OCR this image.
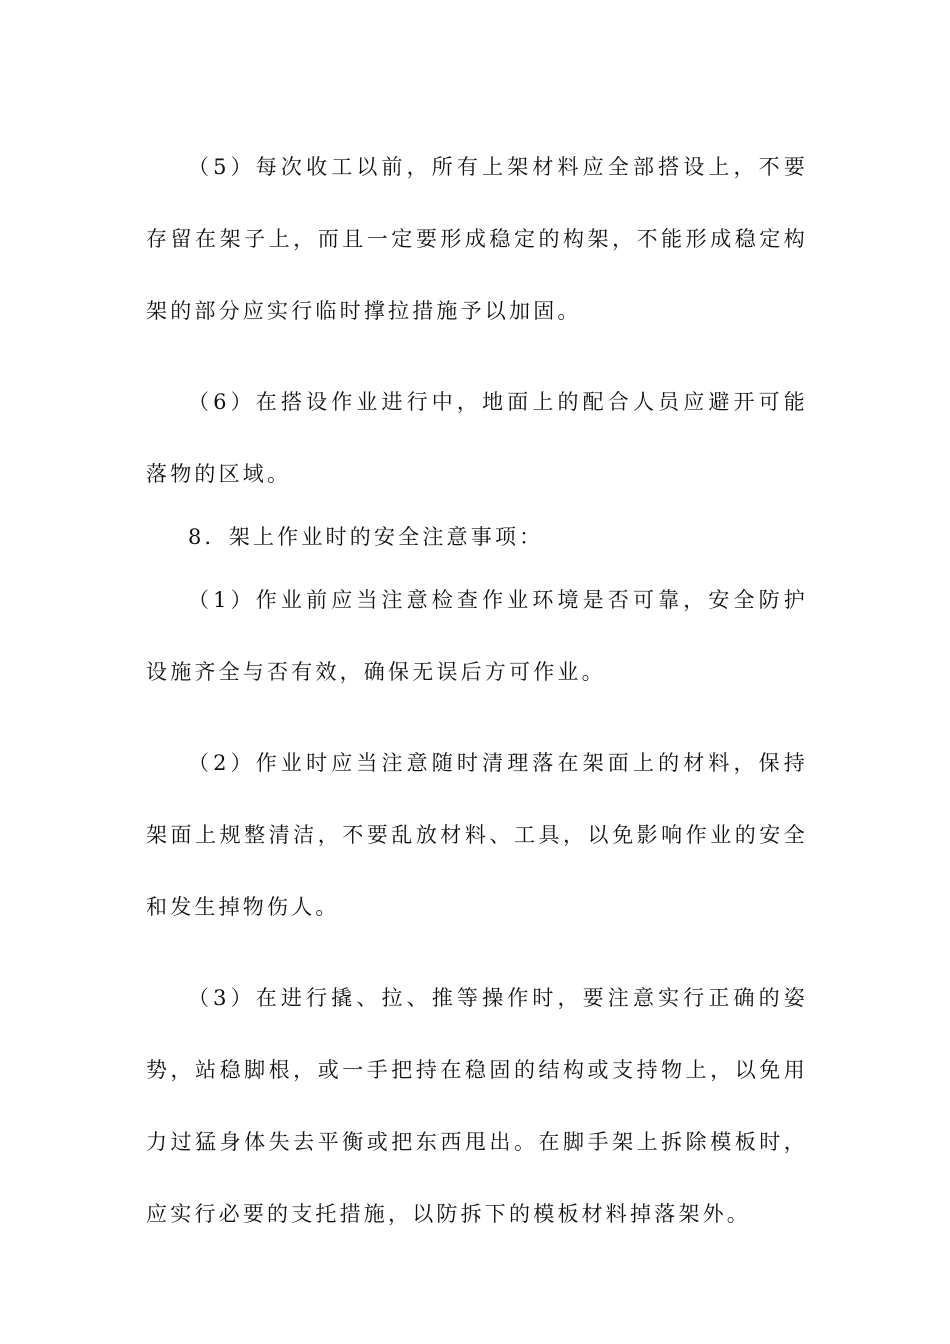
（5）每次收工以前，所有上架材料应全部搭设上，不要存留在架子上，而且一定要形成稳定的构架，不能形成稳定构架的部分应实行临时撑拉措施予以加固。

（6）在搭设作业进行中，地面上的配合人员应避开可能落物的区域。

8．架上作业时的安全注意事项：

（1）作业前应当注意检查作业环境是否可靠，安全防护设施齐全与否有效，确保无误后方可作业。

（2）作业时应当注意随时清理落在架面上的材料，保持架面上规整清洁，不要乱放材料、工具，以免影响作业的安全和发生掉物伤人。

（3）在进行撬、拉、推等操作时，要注意实行正确的姿势，站稳脚根，或一手把持在稳固的结构或支持物上，以免用力过猛身体失去平衡或把东西甩出。在脚手架上拆除模板时，应实行必要的支托措施，以防拆下的模板材料掉落架外。
